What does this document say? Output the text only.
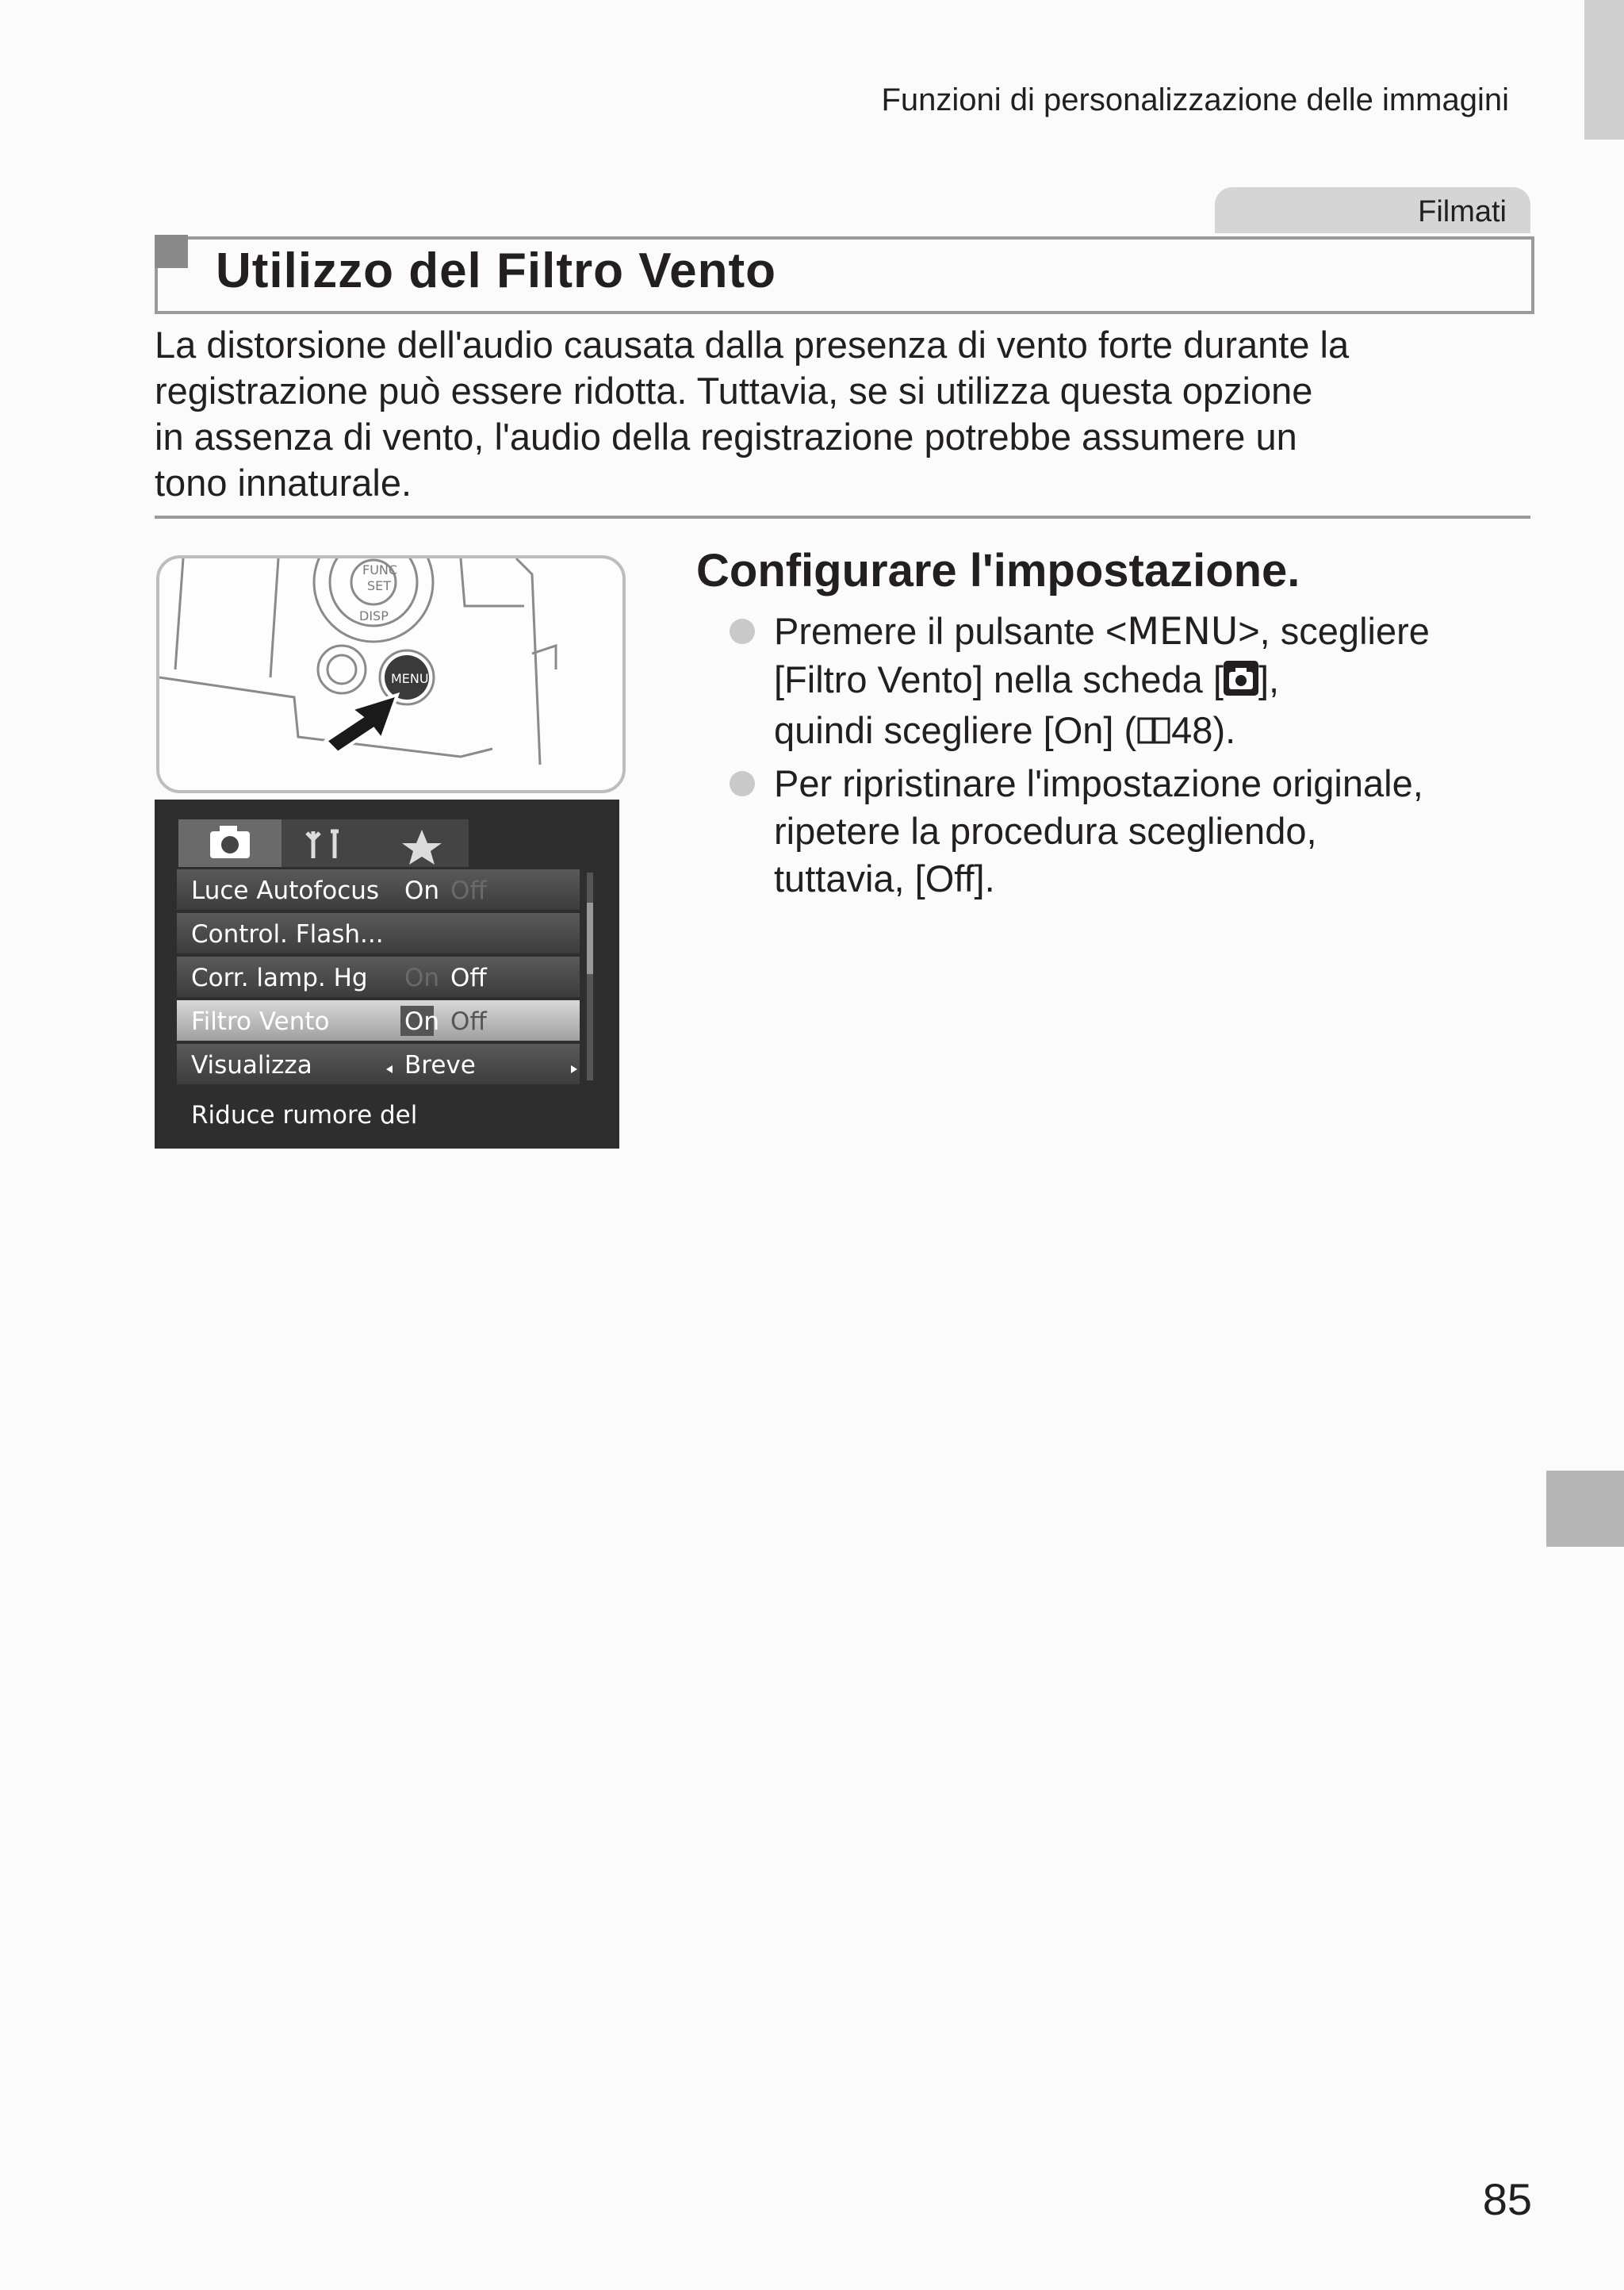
Funzioni di personalizzazione delle immagini
Filmati
Utilizzo del Filtro Vento
La distorsione dell'audio causata dalla presenza di vento forte durante la
registrazione può essere ridotta. Tuttavia, se si utilizza questa opzione
in assenza di vento, l'audio della registrazione potrebbe assumere un
tono innaturale.
FUNC
SET
DISP
MENU
Luce Autofocus On Off
Control. Flash...
Corr. lamp. Hg On Off
Filtro Vento	On Off
Visualizza	Breve
Riduce rumore del
Configurare l'impostazione.
Premere il pulsante <MENU>, scegliere
[Filtro Vento] nella scheda [ ],
quindi scegliere [On] ( 48).
Per ripristinare l'impostazione originale,
ripetere la procedura scegliendo,
tuttavia, [Off].
85
